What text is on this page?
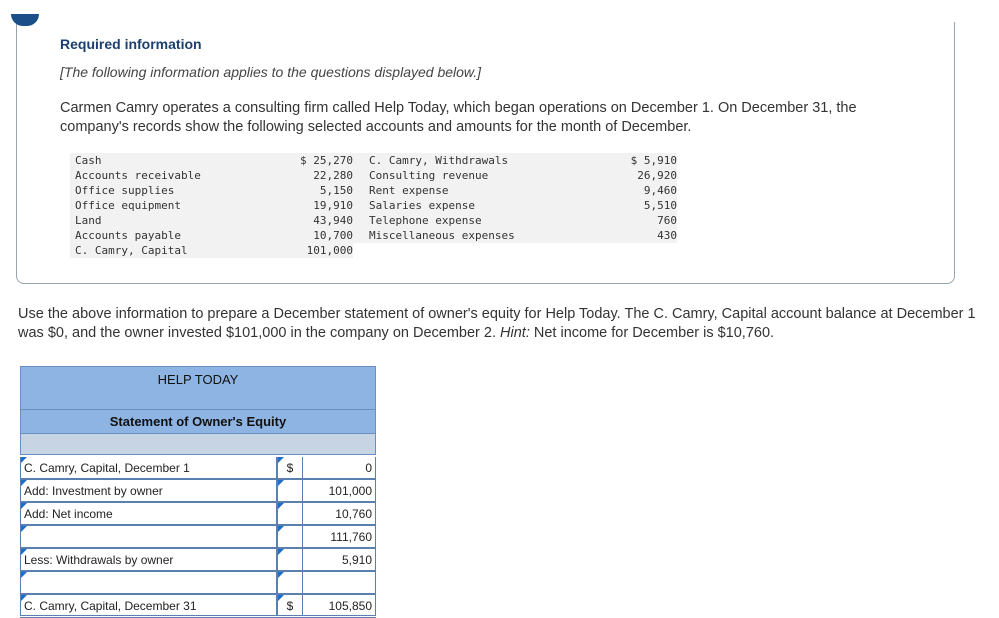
Required information
[The following information applies to the questions displayed below.]
Carmen Camry operates a consulting firm called Help Today, which began operations on December 1. On December 31, the company's records show the following selected accounts and amounts for the month of December.
Cash	$ 25,270	C. Camry, Withdrawals	$ 5,910
Accounts receivable	22,280	Consulting revenue	26,920
Office supplies	5,150	Rent expense	9,460
Office equipment	19,910	Salaries expense	5,510
Land	43,940	Telephone expense	760
Accounts payable	10,700	Miscellaneous expenses	430
C. Camry, Capital	101,000		
Use the above information to prepare a December statement of owner's equity for Help Today. The C. Camry, Capital account balance at December 1 was $0, and the owner invested $101,000 in the company on December 2. Hint: Net income for December is $10,760.
HELP TODAY
Statement of Owner's Equity
C. Camry, Capital, December 1	$	0
Add: Investment by owner	101,000
Add: Net income	10,760
111,760
Less: Withdrawals by owner	5,910
C. Camry, Capital, December 31	$	105,850
